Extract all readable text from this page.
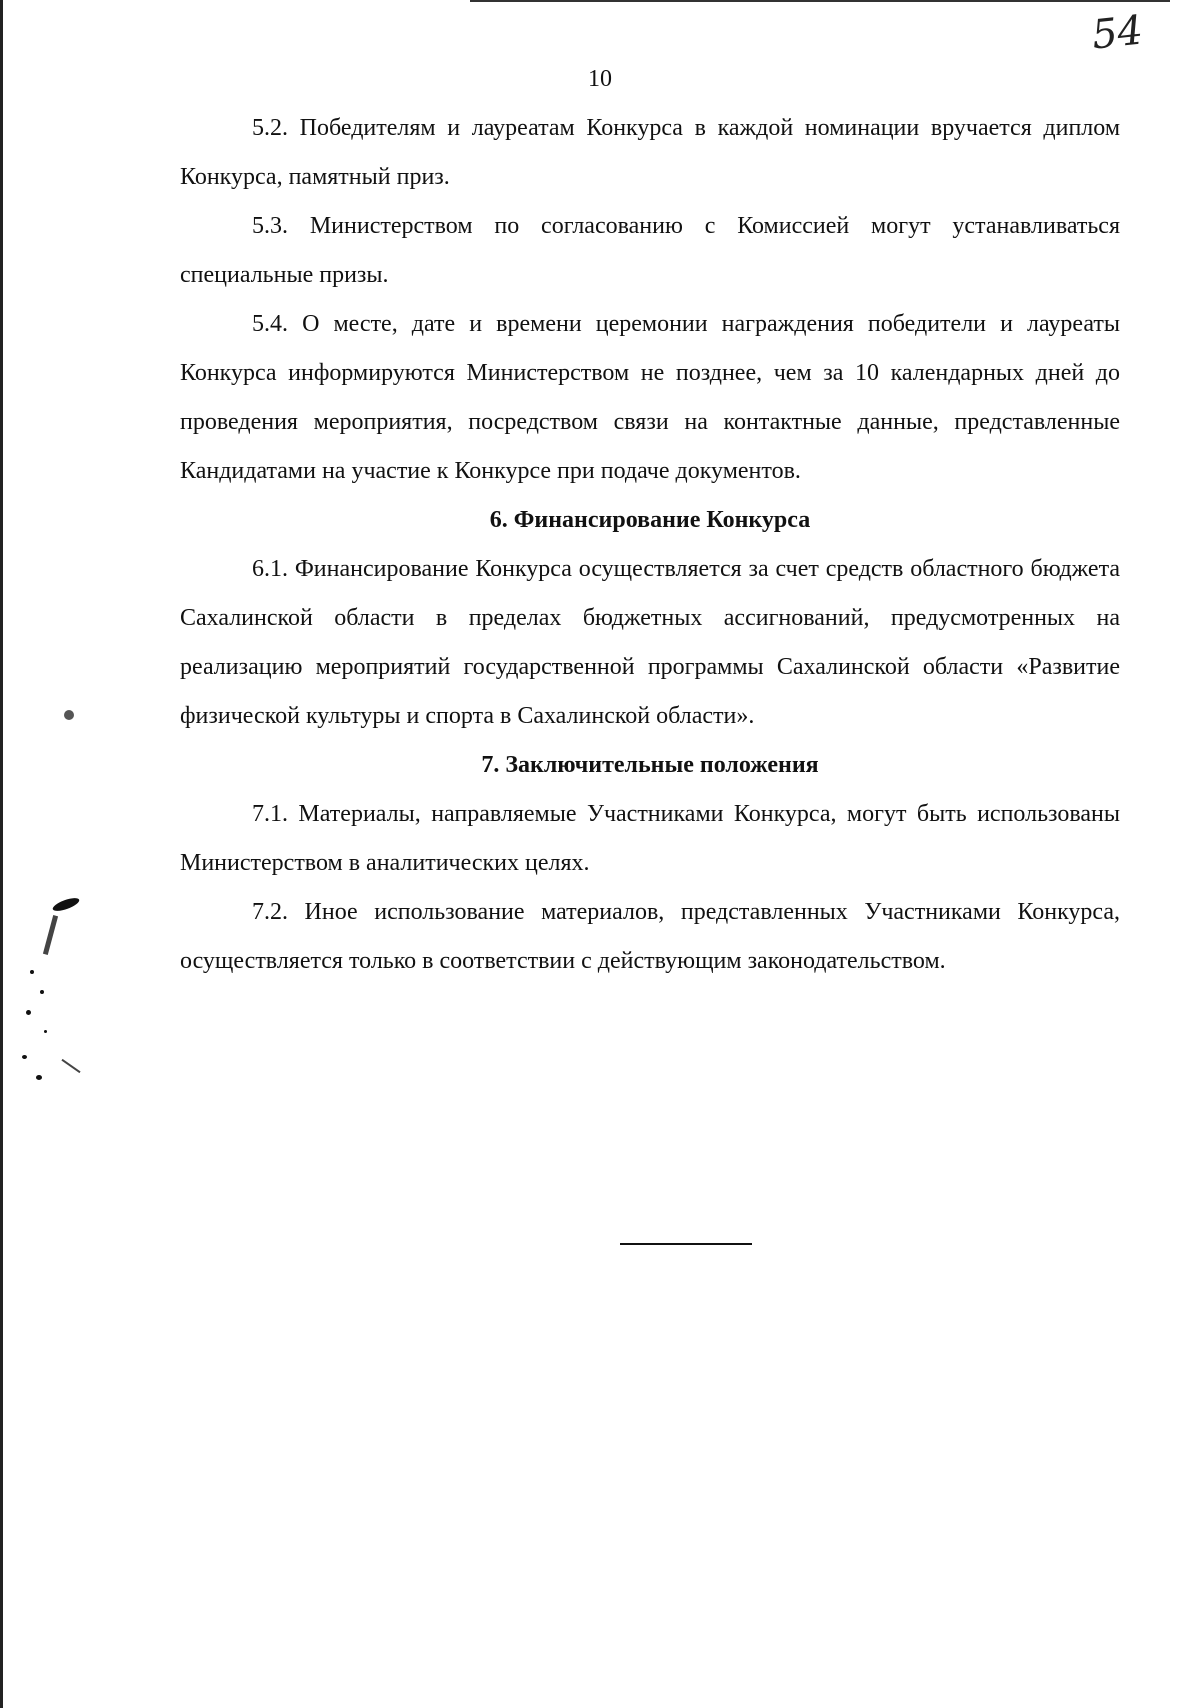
54
10

5.2. Победителям и лауреатам Конкурса в каждой номинации вручается диплом Конкурса, памятный приз.

5.3. Министерством по согласованию с Комиссией могут устанавливаться специальные призы.

5.4. О месте, дате и времени церемонии награждения победители и лауреаты Конкурса информируются Министерством не позднее, чем за 10 календарных дней до проведения мероприятия, посредством связи на контактные данные, представленные Кандидатами на участие к Конкурсе при подаче документов.

6. Финансирование Конкурса

6.1. Финансирование Конкурса осуществляется за счет средств областного бюджета Сахалинской области в пределах бюджетных ассигнований, предусмотренных на реализацию мероприятий государственной программы Сахалинской области «Развитие физической культуры и спорта в Сахалинской области».

7. Заключительные положения

7.1. Материалы, направляемые Участниками Конкурса, могут быть использованы Министерством в аналитических целях.

7.2. Иное использование материалов, представленных Участниками Конкурса, осуществляется только в соответствии с действующим законодательством.
